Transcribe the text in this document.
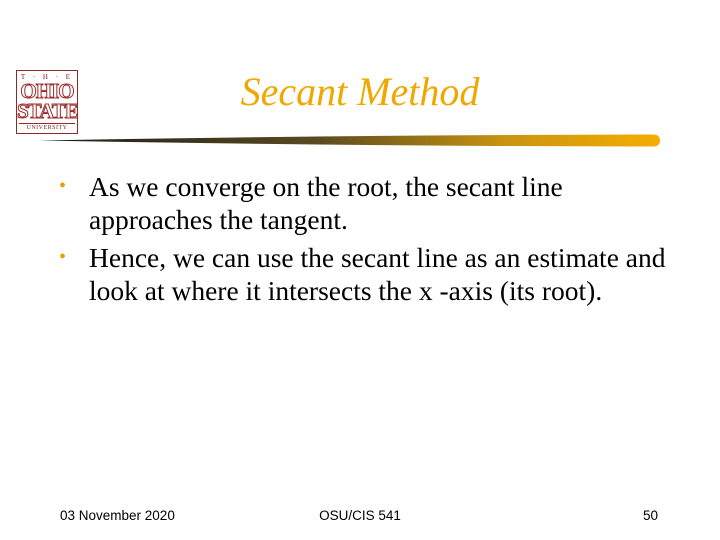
T · H · E
OHIO
STATE
UNIVERSITY
Secant Method
• As we converge on the root, the secant line approaches the tangent.
• Hence, we can use the secant line as an estimate and look at where it intersects the x -axis (its root).
03 November 2020	OSU/CIS 541	50
